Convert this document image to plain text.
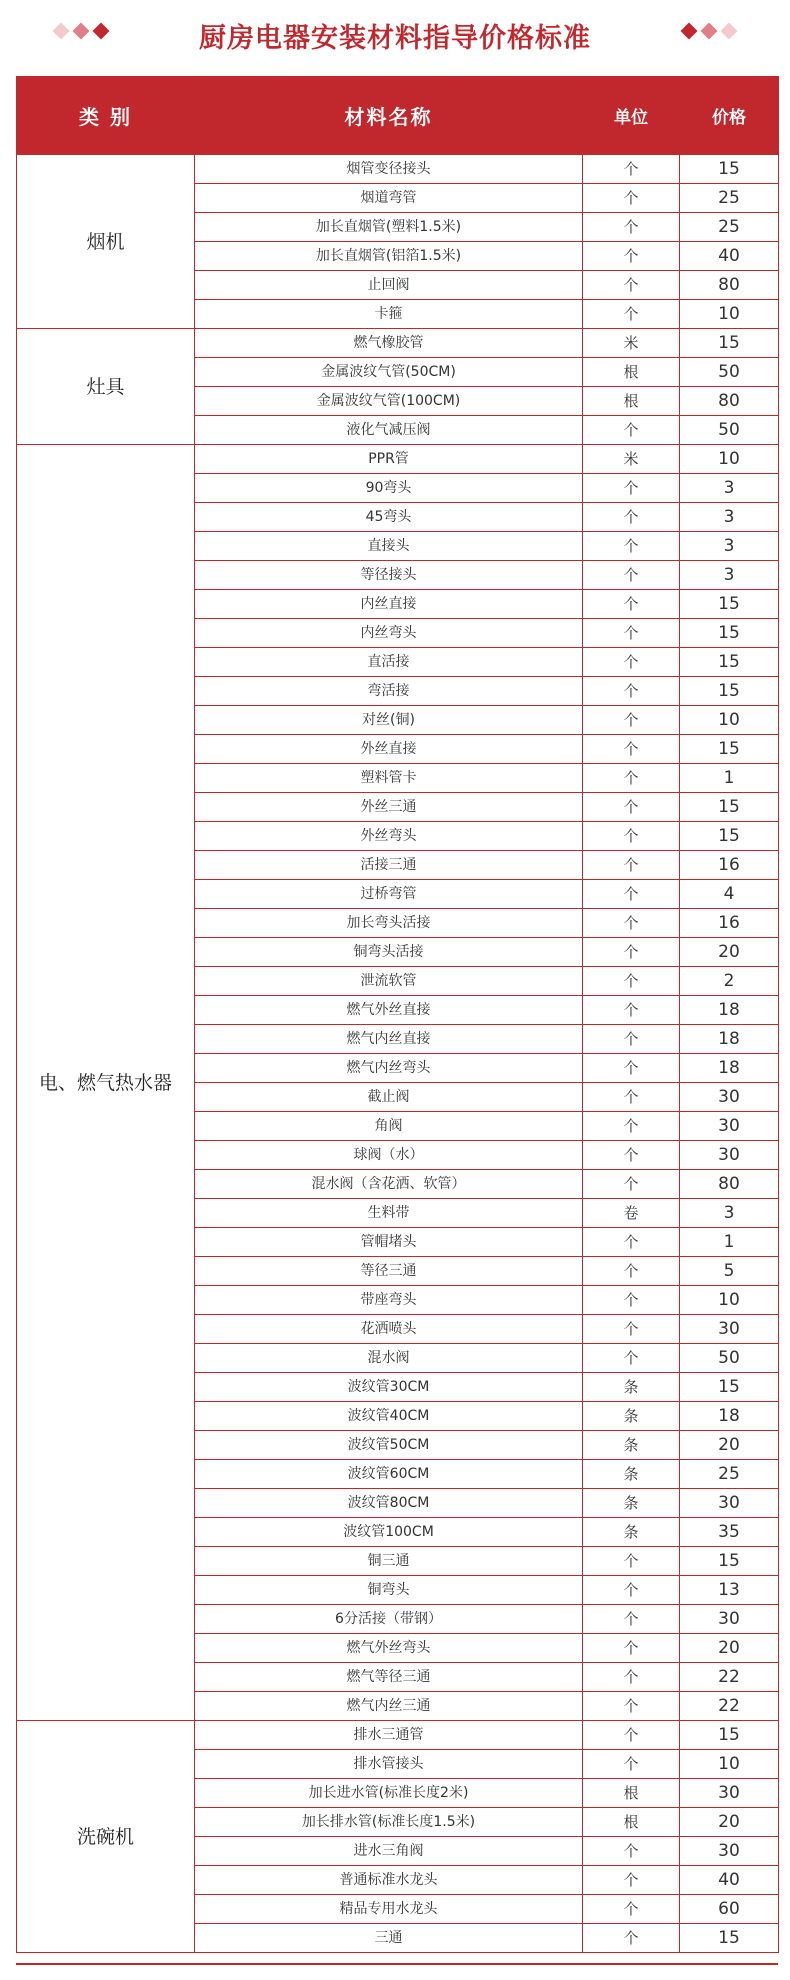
厨房电器安装材料指导价格标准
类 别	材料名称	单位	价格
烟机	烟管变径接头	个	15
	烟道弯管	个	25
	加长直烟管(塑料1.5米)	个	25
	加长直烟管(铝箔1.5米)	个	40
	止回阀	个	80
	卡箍	个	10
灶具	燃气橡胶管	米	15
	金属波纹气管(50CM)	根	50
	金属波纹气管(100CM)	根	80
	液化气减压阀	个	50
电、燃气热水器	PPR管	米	10
	90弯头	个	3
	45弯头	个	3
	直接头	个	3
	等径接头	个	3
	内丝直接	个	15
	内丝弯头	个	15
	直活接	个	15
	弯活接	个	15
	对丝(铜)	个	10
	外丝直接	个	15
	塑料管卡	个	1
	外丝三通	个	15
	外丝弯头	个	15
	活接三通	个	16
	过桥弯管	个	4
	加长弯头活接	个	16
	铜弯头活接	个	20
	泄流软管	个	2
	燃气外丝直接	个	18
	燃气内丝直接	个	18
	燃气内丝弯头	个	18
	截止阀	个	30
	角阀	个	30
	球阀（水）	个	30
	混水阀（含花洒、软管）	个	80
	生料带	卷	3
	管帽堵头	个	1
	等径三通	个	5
	带座弯头	个	10
	花洒喷头	个	30
	混水阀	个	50
	波纹管30CM	条	15
	波纹管40CM	条	18
	波纹管50CM	条	20
	波纹管60CM	条	25
	波纹管80CM	条	30
	波纹管100CM	条	35
	铜三通	个	15
	铜弯头	个	13
	6分活接（带钢）	个	30
	燃气外丝弯头	个	20
	燃气等径三通	个	22
	燃气内丝三通	个	22
洗碗机	排水三通管	个	15
	排水管接头	个	10
	加长进水管(标准长度2米)	根	30
	加长排水管(标准长度1.5米)	根	20
	进水三角阀	个	30
	普通标准水龙头	个	40
	精品专用水龙头	个	60
	三通	个	15
